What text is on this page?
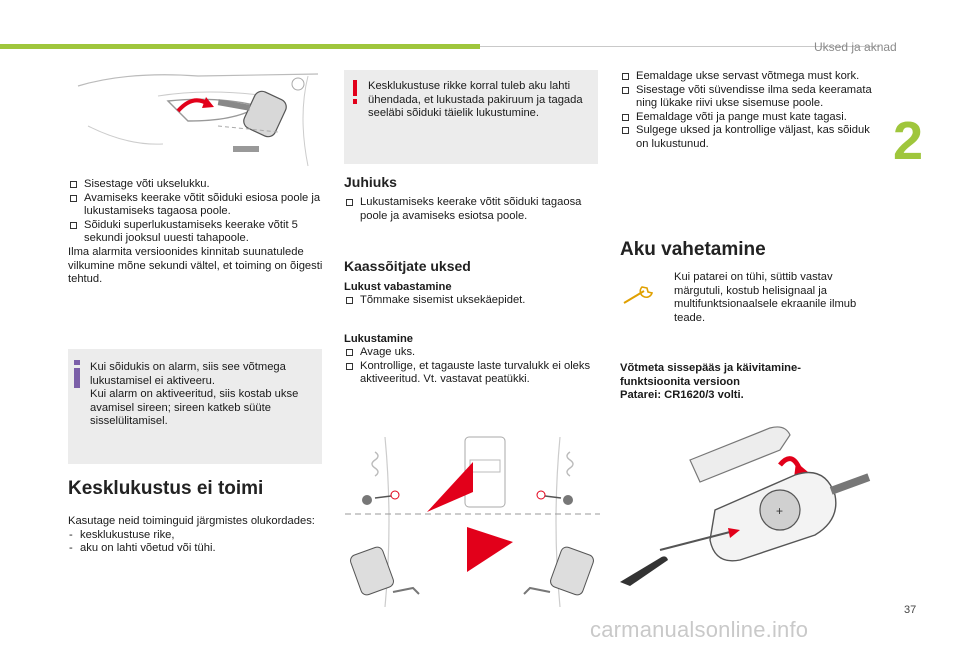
Uksed ja aknad
2
Sisestage võti ukselukku.
Avamiseks keerake võtit sõiduki esiosa poole ja lukustamiseks tagaosa poole.
Sõiduki superlukustamiseks keerake võtit 5 sekundi jooksul uuesti tahapoole.
Ilma alarmita versioonides kinnitab suunatulede vilkumine mõne sekundi vältel, et toiming on õigesti tehtud.
Kui sõidukis on alarm, siis see võtmega lukustamisel ei aktiveeru.
Kui alarm on aktiveeritud, siis kostab ukse avamisel sireen; sireen katkeb süüte sisselülitamisel.
Kesklukustus ei toimi
Kasutage neid toiminguid järgmistes olukordades:
- kesklukustuse rike,
- aku on lahti võetud või tühi.
Kesklukustuse rikke korral tuleb aku lahti ühendada, et lukustada pakiruum ja tagada seeläbi sõiduki täielik lukustumine.
Juhiuks
Lukustamiseks keerake võtit sõiduki tagaosa poole ja avamiseks esiotsa poole.
Kaassõitjate uksed
Lukust vabastamine
Tõmmake sisemist uksekäepidet.
Lukustamine
Avage uks.
Kontrollige, et tagauste laste turvalukk ei oleks aktiveeritud. Vt. vastavat peatükki.
Eemaldage ukse servast võtmega must kork.
Sisestage võti süvendisse ilma seda keeramata ning lükake riivi ukse sisemuse poole.
Eemaldage võti ja pange must kate tagasi.
Sulgege uksed ja kontrollige väljast, kas sõiduk on lukustunud.
Aku vahetamine
Kui patarei on tühi, süttib vastav märgutuli, kostub helisignaal ja multifunktsionaalsele ekraanile ilmub teade.
Võtmeta sissepääs ja käivitamine-
funktsioonita versioon
Patarei: CR1620/3 volti.
+
37
carmanualsonline.info
